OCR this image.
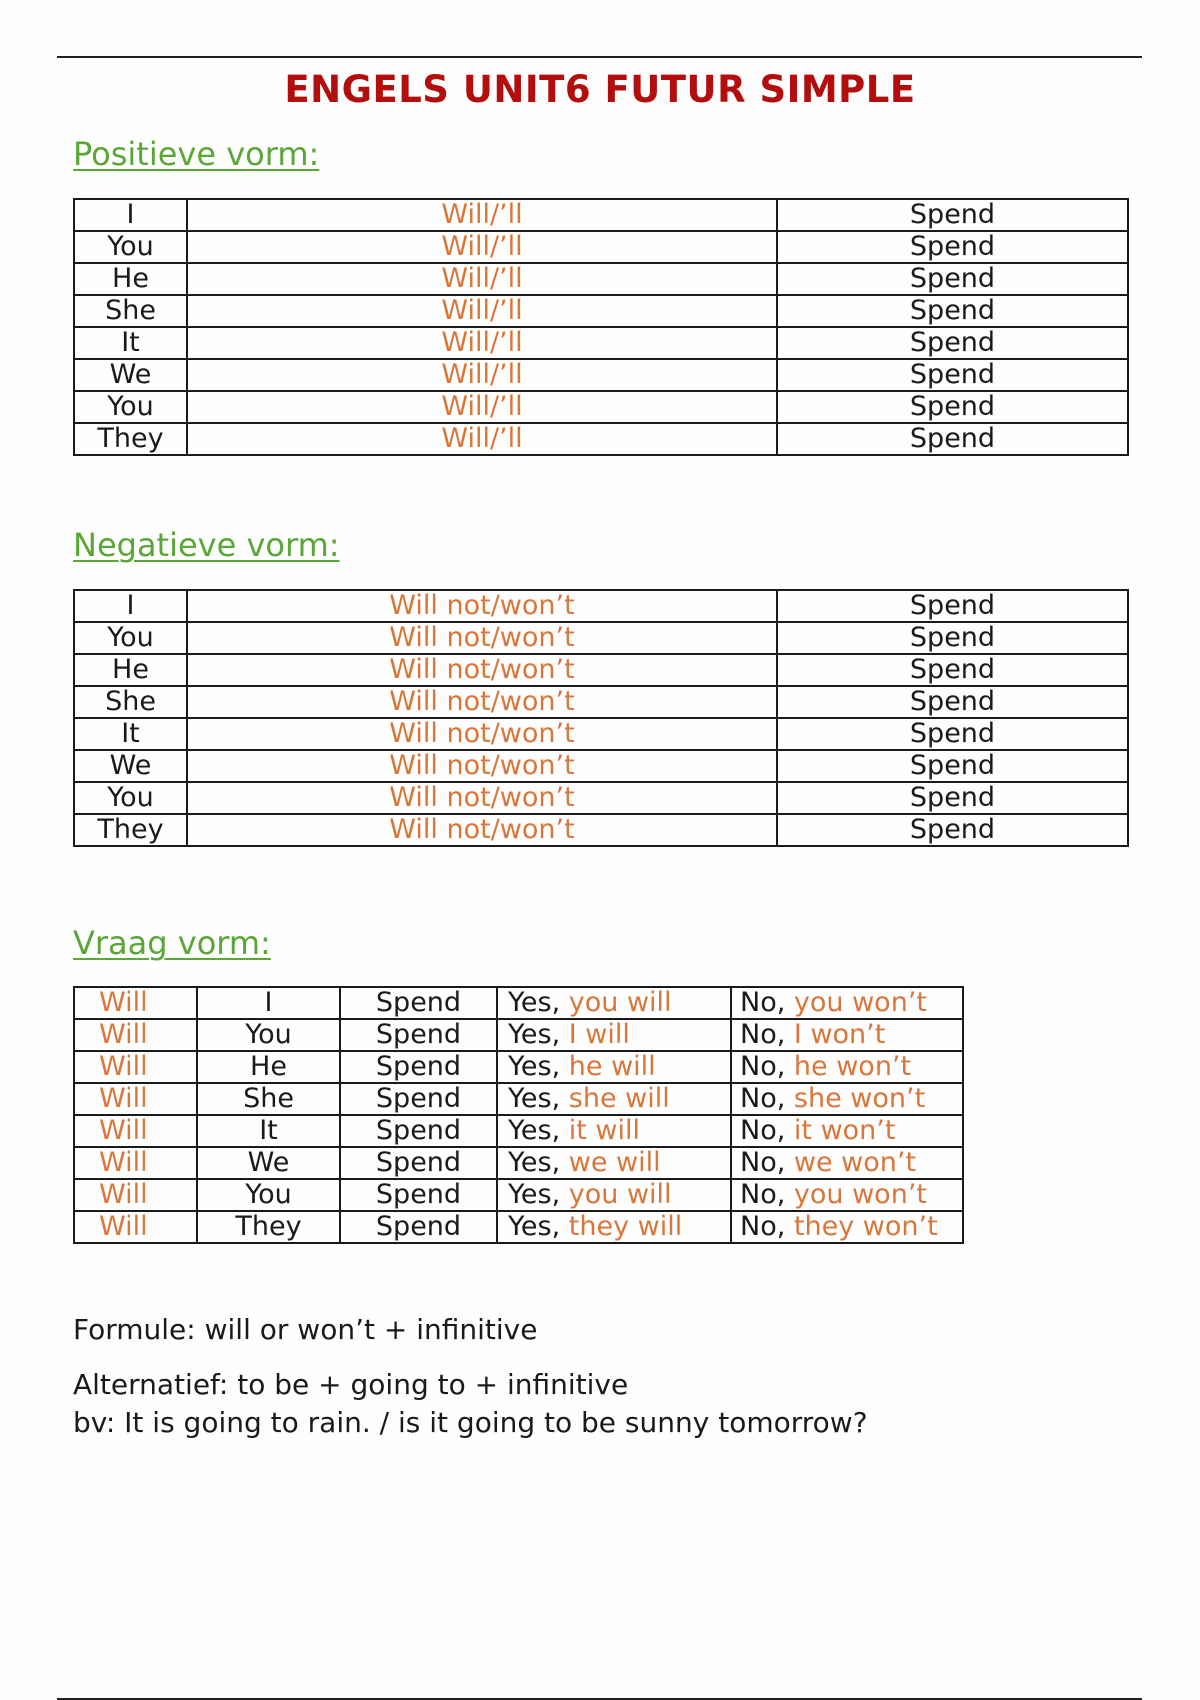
ENGELS UNIT6 FUTUR SIMPLE
Positieve vorm:
I	Will/’ll	Spend
You	Will/’ll	Spend
He	Will/’ll	Spend
She	Will/’ll	Spend
It	Will/’ll	Spend
We	Will/’ll	Spend
You	Will/’ll	Spend
They	Will/’ll	Spend
Negatieve vorm:
I	Will not/won’t	Spend
You	Will not/won’t	Spend
He	Will not/won’t	Spend
She	Will not/won’t	Spend
It	Will not/won’t	Spend
We	Will not/won’t	Spend
You	Will not/won’t	Spend
They	Will not/won’t	Spend
Vraag vorm:
Will	I	Spend	Yes, you will	No, you won’t
Will	You	Spend	Yes, I will	No, I won’t
Will	He	Spend	Yes, he will	No, he won’t
Will	She	Spend	Yes, she will	No, she won’t
Will	It	Spend	Yes, it will	No, it won’t
Will	We	Spend	Yes, we will	No, we won’t
Will	You	Spend	Yes, you will	No, you won’t
Will	They	Spend	Yes, they will	No, they won’t
Formule: will or won’t + infinitive
Alternatief: to be + going to + infinitive
bv: It is going to rain. / is it going to be sunny tomorrow?
